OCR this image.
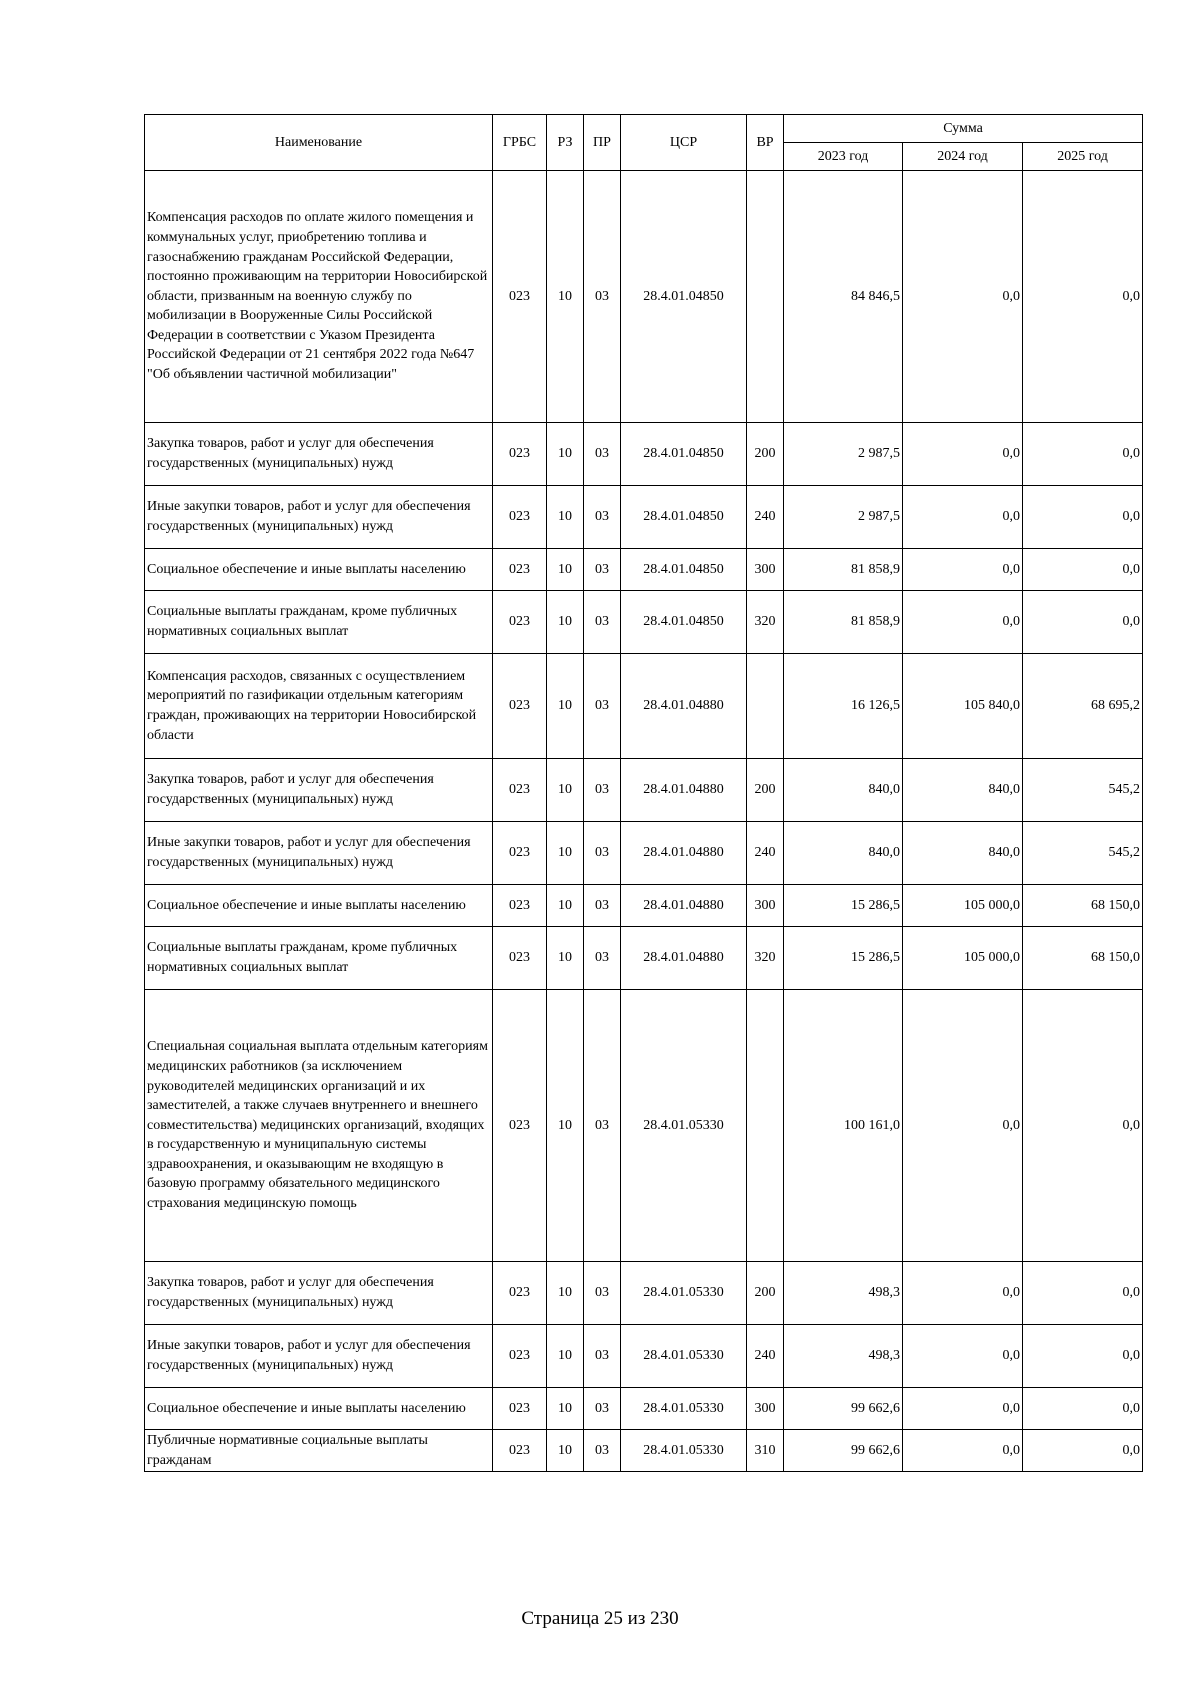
Наименование	ГРБС	РЗ	ПР	ЦСР	ВР	Сумма		
						2023 год	2024 год	2025 год
Компенсация расходов по оплате жилого помещения и коммунальных услуг, приобретению топлива и газоснабжению гражданам Российской Федерации, постоянно проживающим на территории Новосибирской области, призванным на военную службу по мобилизации в Вооруженные Силы Российской Федерации в соответствии с Указом Президента Российской Федерации от 21 сентября 2022 года №647 "Об объявлении частичной мобилизации"	023	10	03	28.4.01.04850		84 846,5	0,0	0,0
Закупка товаров, работ и услуг для обеспечения государственных (муниципальных) нужд	023	10	03	28.4.01.04850	200	2 987,5	0,0	0,0
Иные закупки товаров, работ и услуг для обеспечения государственных (муниципальных) нужд	023	10	03	28.4.01.04850	240	2 987,5	0,0	0,0
Социальное обеспечение и иные выплаты населению	023	10	03	28.4.01.04850	300	81 858,9	0,0	0,0
Социальные выплаты гражданам, кроме публичных нормативных социальных выплат	023	10	03	28.4.01.04850	320	81 858,9	0,0	0,0
Компенсация расходов, связанных с осуществлением мероприятий по газификации отдельным категориям граждан, проживающих на территории Новосибирской области	023	10	03	28.4.01.04880		16 126,5	105 840,0	68 695,2
Закупка товаров, работ и услуг для обеспечения государственных (муниципальных) нужд	023	10	03	28.4.01.04880	200	840,0	840,0	545,2
Иные закупки товаров, работ и услуг для обеспечения государственных (муниципальных) нужд	023	10	03	28.4.01.04880	240	840,0	840,0	545,2
Социальное обеспечение и иные выплаты населению	023	10	03	28.4.01.04880	300	15 286,5	105 000,0	68 150,0
Социальные выплаты гражданам, кроме публичных нормативных социальных выплат	023	10	03	28.4.01.04880	320	15 286,5	105 000,0	68 150,0
Специальная социальная выплата отдельным категориям медицинских работников (за исключением руководителей медицинских организаций и их заместителей, а также случаев внутреннего и внешнего совместительства) медицинских организаций, входящих в государственную и муниципальную системы здравоохранения, и оказывающим не входящую в базовую программу обязательного медицинского страхования медицинскую помощь	023	10	03	28.4.01.05330		100 161,0	0,0	0,0
Закупка товаров, работ и услуг для обеспечения государственных (муниципальных) нужд	023	10	03	28.4.01.05330	200	498,3	0,0	0,0
Иные закупки товаров, работ и услуг для обеспечения государственных (муниципальных) нужд	023	10	03	28.4.01.05330	240	498,3	0,0	0,0
Социальное обеспечение и иные выплаты населению	023	10	03	28.4.01.05330	300	99 662,6	0,0	0,0
Публичные нормативные социальные выплаты гражданам	023	10	03	28.4.01.05330	310	99 662,6	0,0	0,0
Страница 25 из 230
